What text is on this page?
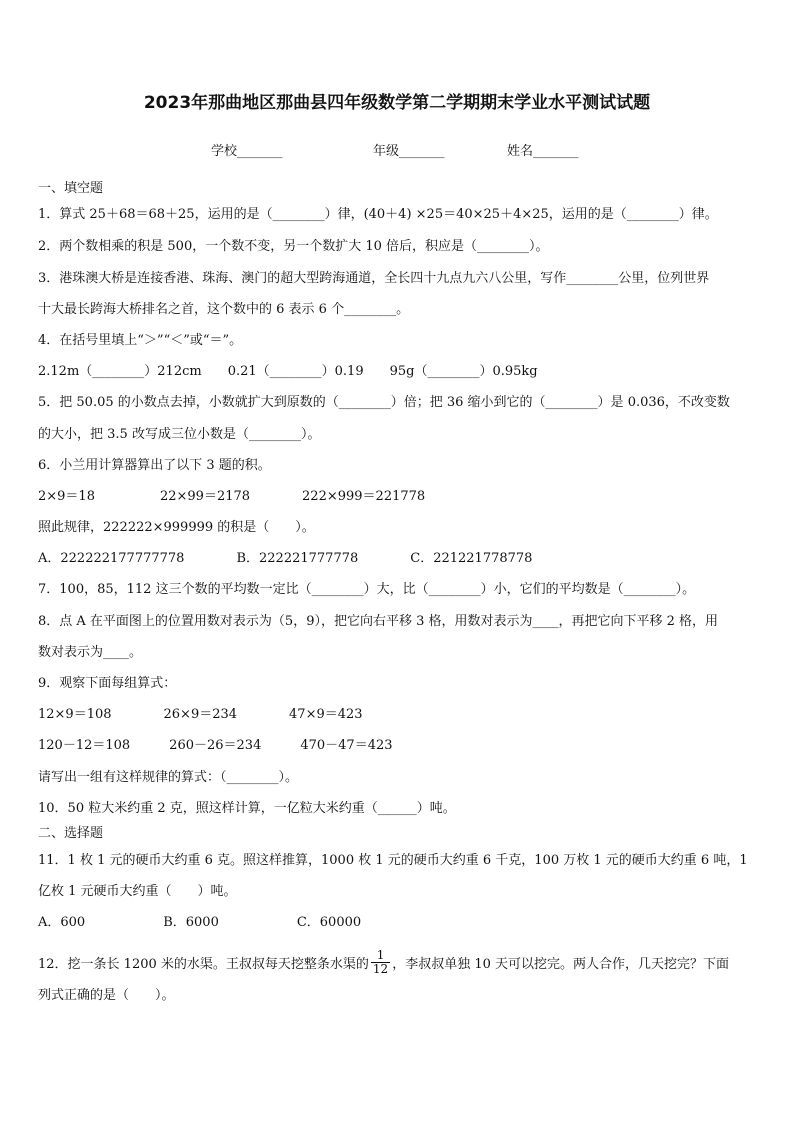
2023年那曲地区那曲县四年级数学第二学期期末学业水平测试试题
学校_______	年级_______	姓名_______
一、填空题
1．算式 25＋68＝68＋25，运用的是（________）律，(40＋4) ×25＝40×25＋4×25，运用的是（________）律。
2．两个数相乘的积是 500，一个数不变，另一个数扩大 10 倍后，积应是（________）。
3．港珠澳大桥是连接香港、珠海、澳门的超大型跨海通道，全长四十九点九六八公里，写作________公里，位列世界
十大最长跨海大桥排名之首，这个数中的 6 表示 6 个________。
4．在括号里填上“＞”“＜”或“＝”。
2.12m（________）212cm　　0.21（________）0.19　　95g（________）0.95kg
5．把 50.05 的小数点去掉，小数就扩大到原数的（________）倍；把 36 缩小到它的（________）是 0.036，不改变数
的大小，把 3.5 改写成三位小数是（________）。
6．小兰用计算器算出了以下 3 题的积。
2×9＝18　　　　　22×99＝2178　　　　222×999＝221778
照此规律，222222×999999 的积是（　　）。
A．222222177777778　　　　B．222221777778　　　　C．221221778778
7．100，85，112 这三个数的平均数一定比（________）大，比（________）小，它们的平均数是（________）。
8．点 A 在平面图上的位置用数对表示为（5，9），把它向右平移 3 格，用数对表示为____，再把它向下平移 2 格，用
数对表示为____。
9．观察下面每组算式：
12×9＝108　　　　26×9＝234　　　　47×9＝423
120－12＝108　　　260－26＝234　　　470－47＝423
请写出一组有这样规律的算式：（________）。
10．50 粒大米约重 2 克，照这样计算，一亿粒大米约重（______）吨。
二、选择题
11．1 枚 1 元的硬币大约重 6 克。照这样推算，1000 枚 1 元的硬币大约重 6 千克，100 万枚 1 元的硬币大约重 6 吨，1
亿枚 1 元硬币大约重（　　）吨。
A．600　　　　　　B．6000　　　　　　C．60000
12．挖一条长 1200 米的水渠。王叔叔每天挖整条水渠的 $\frac{1}{12}$ ，李叔叔单独 10 天可以挖完。两人合作，几天挖完？下面
列式正确的是（　　）。
